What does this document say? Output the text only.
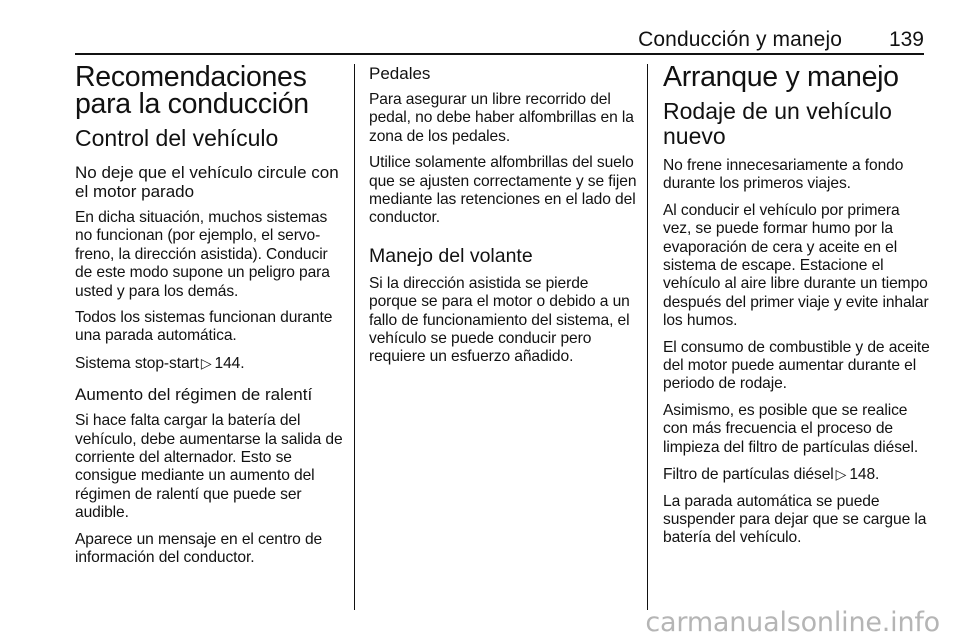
Conducción y manejo 139
Recomendaciones para la conducción
Control del vehículo
No deje que el vehículo circule con el motor parado

En dicha situación, muchos sistemas no funcionan (por ejemplo, el servo-freno, la dirección asistida). Conducir de este modo supone un peligro para usted y para los demás.

Todos los sistemas funcionan durante una parada automática.

Sistema stop-start ▷ 144.

Aumento del régimen de ralentí

Si hace falta cargar la batería del vehículo, debe aumentarse la salida de corriente del alternador. Esto se consigue mediante un aumento del régimen de ralentí que puede ser audible.

Aparece un mensaje en el centro de información del conductor.

Pedales

Para asegurar un libre recorrido del pedal, no debe haber alfombrillas en la zona de los pedales.

Utilice solamente alfombrillas del suelo que se ajusten correctamente y se fijen mediante las retenciones en el lado del conductor.

Manejo del volante

Si la dirección asistida se pierde porque se para el motor o debido a un fallo de funcionamiento del sistema, el vehículo se puede conducir pero requiere un esfuerzo añadido.

Arranque y manejo
Rodaje de un vehículo nuevo

No frene innecesariamente a fondo durante los primeros viajes.

Al conducir el vehículo por primera vez, se puede formar humo por la evaporación de cera y aceite en el sistema de escape. Estacione el vehículo al aire libre durante un tiempo después del primer viaje y evite inhalar los humos.

El consumo de combustible y de aceite del motor puede aumentar durante el periodo de rodaje.

Asimismo, es posible que se realice con más frecuencia el proceso de limpieza del filtro de partículas diésel.

Filtro de partículas diésel ▷ 148.

La parada automática se puede suspender para dejar que se cargue la batería del vehículo.

carmanualsonline.info
